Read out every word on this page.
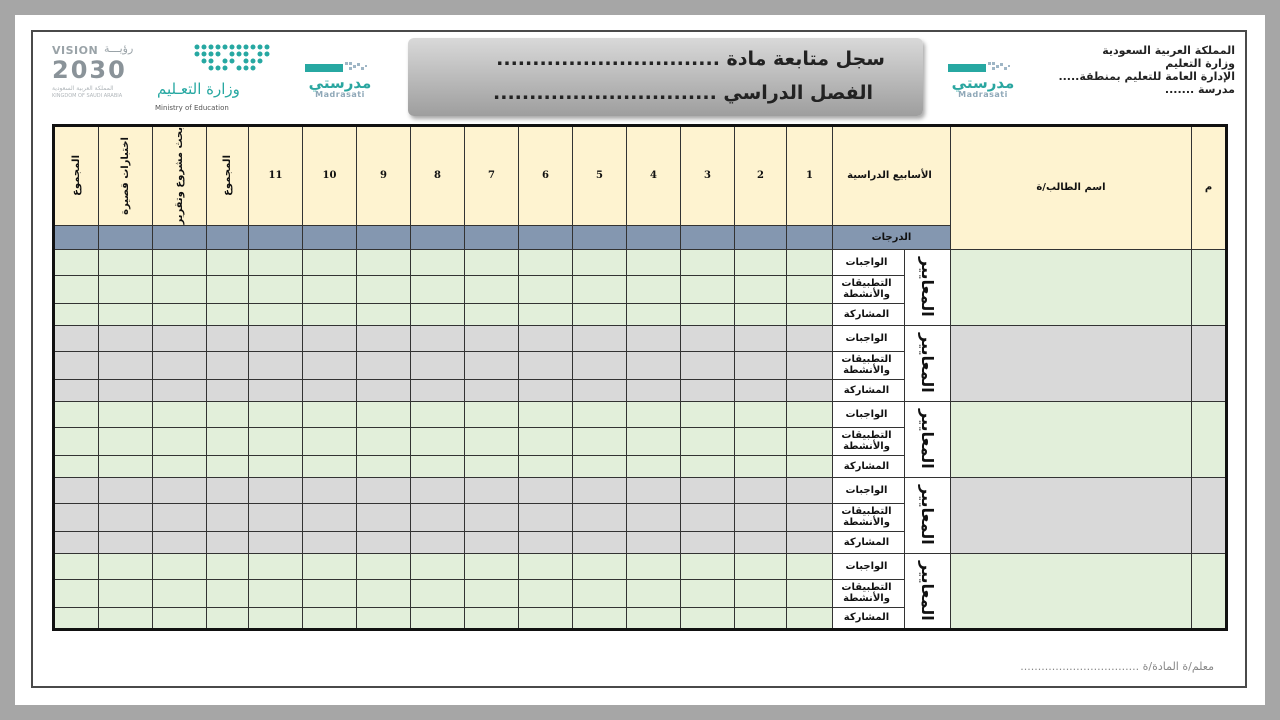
VISION رؤيـــة
2030
المملكة العربية السعودية
KINGDOM OF SAUDI ARABIA وزارة التعـليم
Ministry of Education
مدرستي
Madrasati
سجل متابعة مادة ...............................
الفصل الدراسي ...............................	مدرستي
Madrasati
المملكة العربية السعودية
وزارة التعليم
الإدارة العامة للتعليم بمنطقة.....
مدرسة .......
المجموع	اختبارات قصيرة	بحث مشروع وتقرير	المجموع	11	10	9	8	7	6	5	4	3	2	1	الأسابيع الدراسية		اسم الطالب/ة	م

															الدرجات			

															الواجبات	المعايير		

															التطبيقات والأنشطة			

															المشاركة			

															الواجبات	المعايير		

															التطبيقات والأنشطة			

															المشاركة			

															الواجبات	المعايير		

															التطبيقات والأنشطة			

															المشاركة			

															الواجبات	المعايير		

															التطبيقات والأنشطة			

															المشاركة			

															الواجبات	المعايير		

															التطبيقات والأنشطة			

															المشاركة			
معلم/ة المادة/ة ..................................
